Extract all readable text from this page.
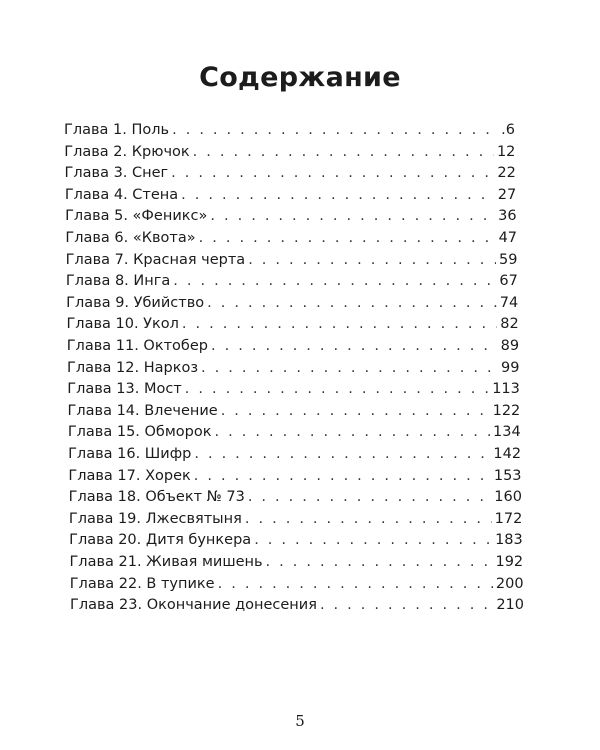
Содержание
Глава 1. Поль . . .	.6
Глава 2. Крючок . . .	12
Глава 3. Снег . . .	22
Глава 4. Стена . . .	27
Глава 5. «Феникс» . . .	36
Глава 6. «Квота» . . .	47
Глава 7. Красная черта . . .	59
Глава 8. Инга . . .	67
Глава 9. Убийство . . .	74
Глава 10. Укол . . .	82
Глава 11. Октобер . . .	89
Глава 12. Наркоз . . .	99
Глава 13. Мост . . .	113
Глава 14. Влечение . . .	122
Глава 15. Обморок . . .	134
Глава 16. Шифр . . .	142
Глава 17. Хорек . . .	153
Глава 18. Объект № 73 . . .	160
Глава 19. Лжесвятыня . . .	172
Глава 20. Дитя бункера . . .	183
Глава 21. Живая мишень . . .	192
Глава 22. В тупике . . .	200
Глава 23. Окончание донесения . . .	210
5
